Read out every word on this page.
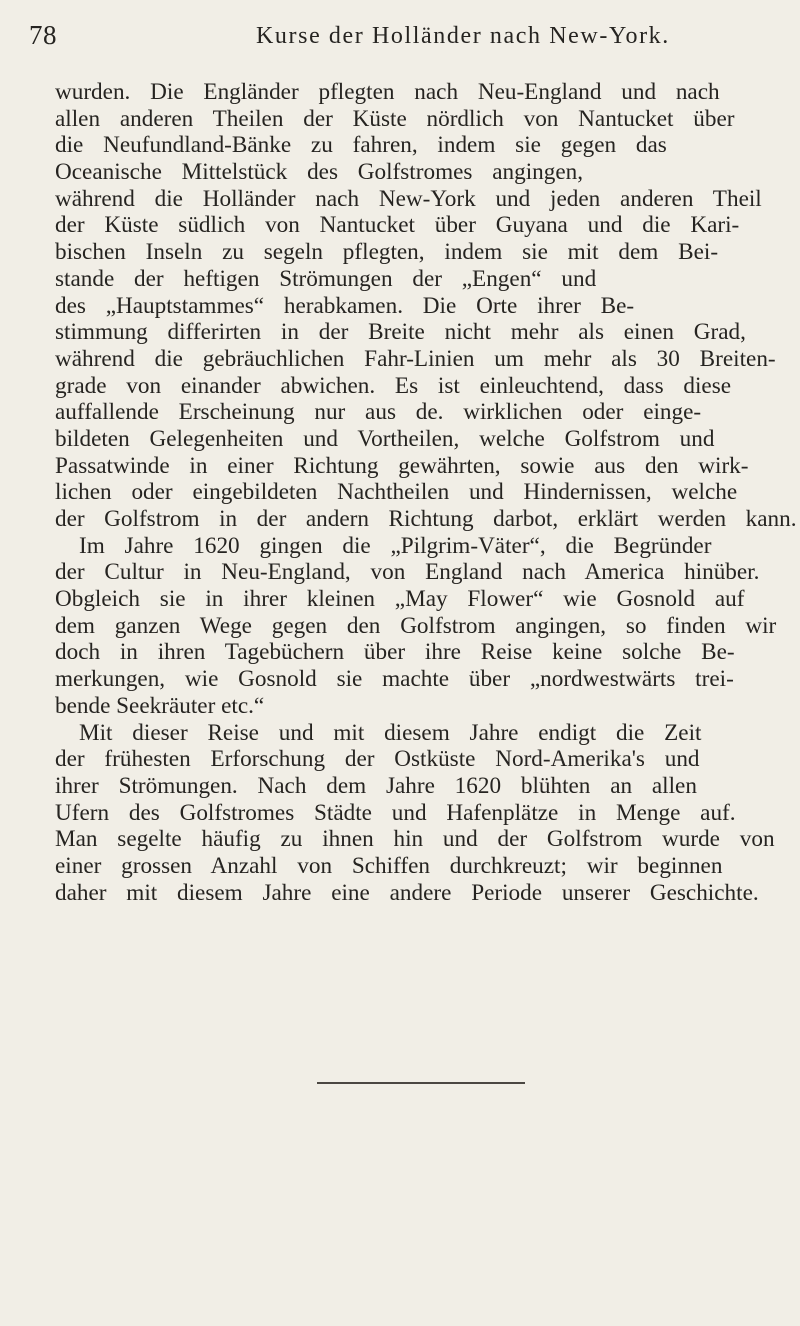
78	Kurse der Holländer nach New-York.
wurden. Die Engländer pflegten nach Neu-England und nach
allen anderen Theilen der Küste nördlich von Nantucket über
die Neufundland-Bänke zu fahren, indem sie gegen das
Oceanische Mittelstück des Golfstromes angingen,
während die Holländer nach New-York und jeden anderen Theil
der Küste südlich von Nantucket über Guyana und die Kari-
bischen Inseln zu segeln pflegten, indem sie mit dem Bei-
stande der heftigen Strömungen der „Engen“ und
des „Hauptstammes“ herabkamen. Die Orte ihrer Be-
stimmung differirten in der Breite nicht mehr als einen Grad,
während die gebräuchlichen Fahr-Linien um mehr als 30 Breiten-
grade von einander abwichen. Es ist einleuchtend, dass diese
auffallende Erscheinung nur aus de. wirklichen oder einge-
bildeten Gelegenheiten und Vortheilen, welche Golfstrom und
Passatwinde in einer Richtung gewährten, sowie aus den wirk-
lichen oder eingebildeten Nachtheilen und Hindernissen, welche
der Golfstrom in der andern Richtung darbot, erklärt werden kann.
Im Jahre 1620 gingen die „Pilgrim-Väter“, die Begründer
der Cultur in Neu-England, von England nach America hinüber.
Obgleich sie in ihrer kleinen „May Flower“ wie Gosnold auf
dem ganzen Wege gegen den Golfstrom angingen, so finden wir
doch in ihren Tagebüchern über ihre Reise keine solche Be-
merkungen, wie Gosnold sie machte über „nordwestwärts trei-
bende Seekräuter etc.“
Mit dieser Reise und mit diesem Jahre endigt die Zeit
der frühesten Erforschung der Ostküste Nord-Amerika's und
ihrer Strömungen. Nach dem Jahre 1620 blühten an allen
Ufern des Golfstromes Städte und Hafenplätze in Menge auf.
Man segelte häufig zu ihnen hin und der Golfstrom wurde von
einer grossen Anzahl von Schiffen durchkreuzt; wir beginnen
daher mit diesem Jahre eine andere Periode unserer Geschichte.
